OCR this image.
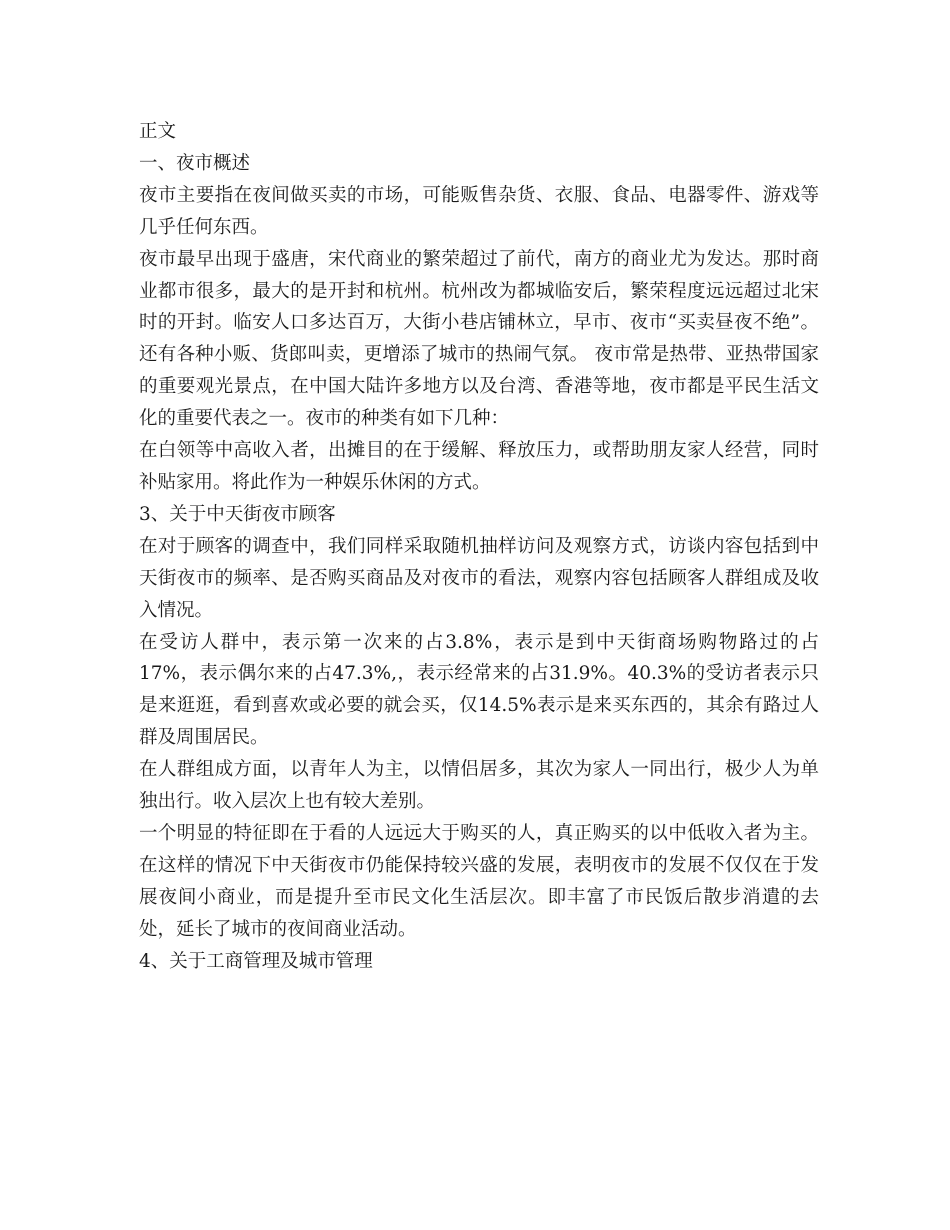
正文

一、夜市概述

夜市主要指在夜间做买卖的市场，可能贩售杂货、衣服、食品、电器零件、游戏等几乎任何东西。

夜市最早出现于盛唐，宋代商业的繁荣超过了前代，南方的商业尤为发达。那时商业都市很多，最大的是开封和杭州。杭州改为都城临安后，繁荣程度远远超过北宋时的开封。临安人口多达百万，大街小巷店铺林立，早市、夜市“买卖昼夜不绝”。还有各种小贩、货郎叫卖，更增添了城市的热闹气氛。 夜市常是热带、亚热带国家的重要观光景点，在中国大陆许多地方以及台湾、香港等地，夜市都是平民生活文化的重要代表之一。夜市的种类有如下几种：

在白领等中高收入者，出摊目的在于缓解、释放压力，或帮助朋友家人经营，同时补贴家用。将此作为一种娱乐休闲的方式。

3、关于中天街夜市顾客

在对于顾客的调查中，我们同样采取随机抽样访问及观察方式，访谈内容包括到中天街夜市的频率、是否购买商品及对夜市的看法，观察内容包括顾客人群组成及收入情况。

在受访人群中，表示第一次来的占3.8%，表示是到中天街商场购物路过的占17%，表示偶尔来的占47.3%,，表示经常来的占31.9%。40.3%的受访者表示只是来逛逛，看到喜欢或必要的就会买，仅14.5%表示是来买东西的，其余有路过人群及周围居民。

在人群组成方面，以青年人为主，以情侣居多，其次为家人一同出行，极少人为单独出行。收入层次上也有较大差别。

一个明显的特征即在于看的人远远大于购买的人，真正购买的以中低收入者为主。在这样的情况下中天街夜市仍能保持较兴盛的发展，表明夜市的发展不仅仅在于发展夜间小商业，而是提升至市民文化生活层次。即丰富了市民饭后散步消遣的去处，延长了城市的夜间商业活动。

4、关于工商管理及城市管理
